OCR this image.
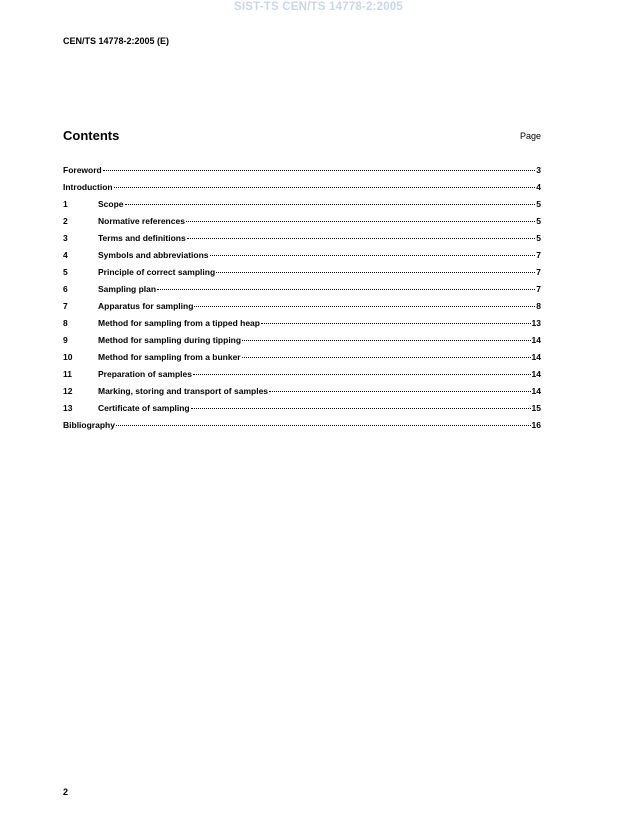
SIST-TS CEN/TS 14778-2:2005
CEN/TS 14778-2:2005 (E)
Contents	Page
Foreword	3
Introduction	4
1	Scope	5
2	Normative references	5
3	Terms and definitions	5
4	Symbols and abbreviations	7
5	Principle of correct sampling	7
6	Sampling plan	7
7	Apparatus for sampling	8
8	Method for sampling from a tipped heap	13
9	Method for sampling during tipping	14
10	Method for sampling from a bunker	14
11	Preparation of samples	14
12	Marking, storing and transport of samples	14
13	Certificate of sampling	15
Bibliography	16
2
